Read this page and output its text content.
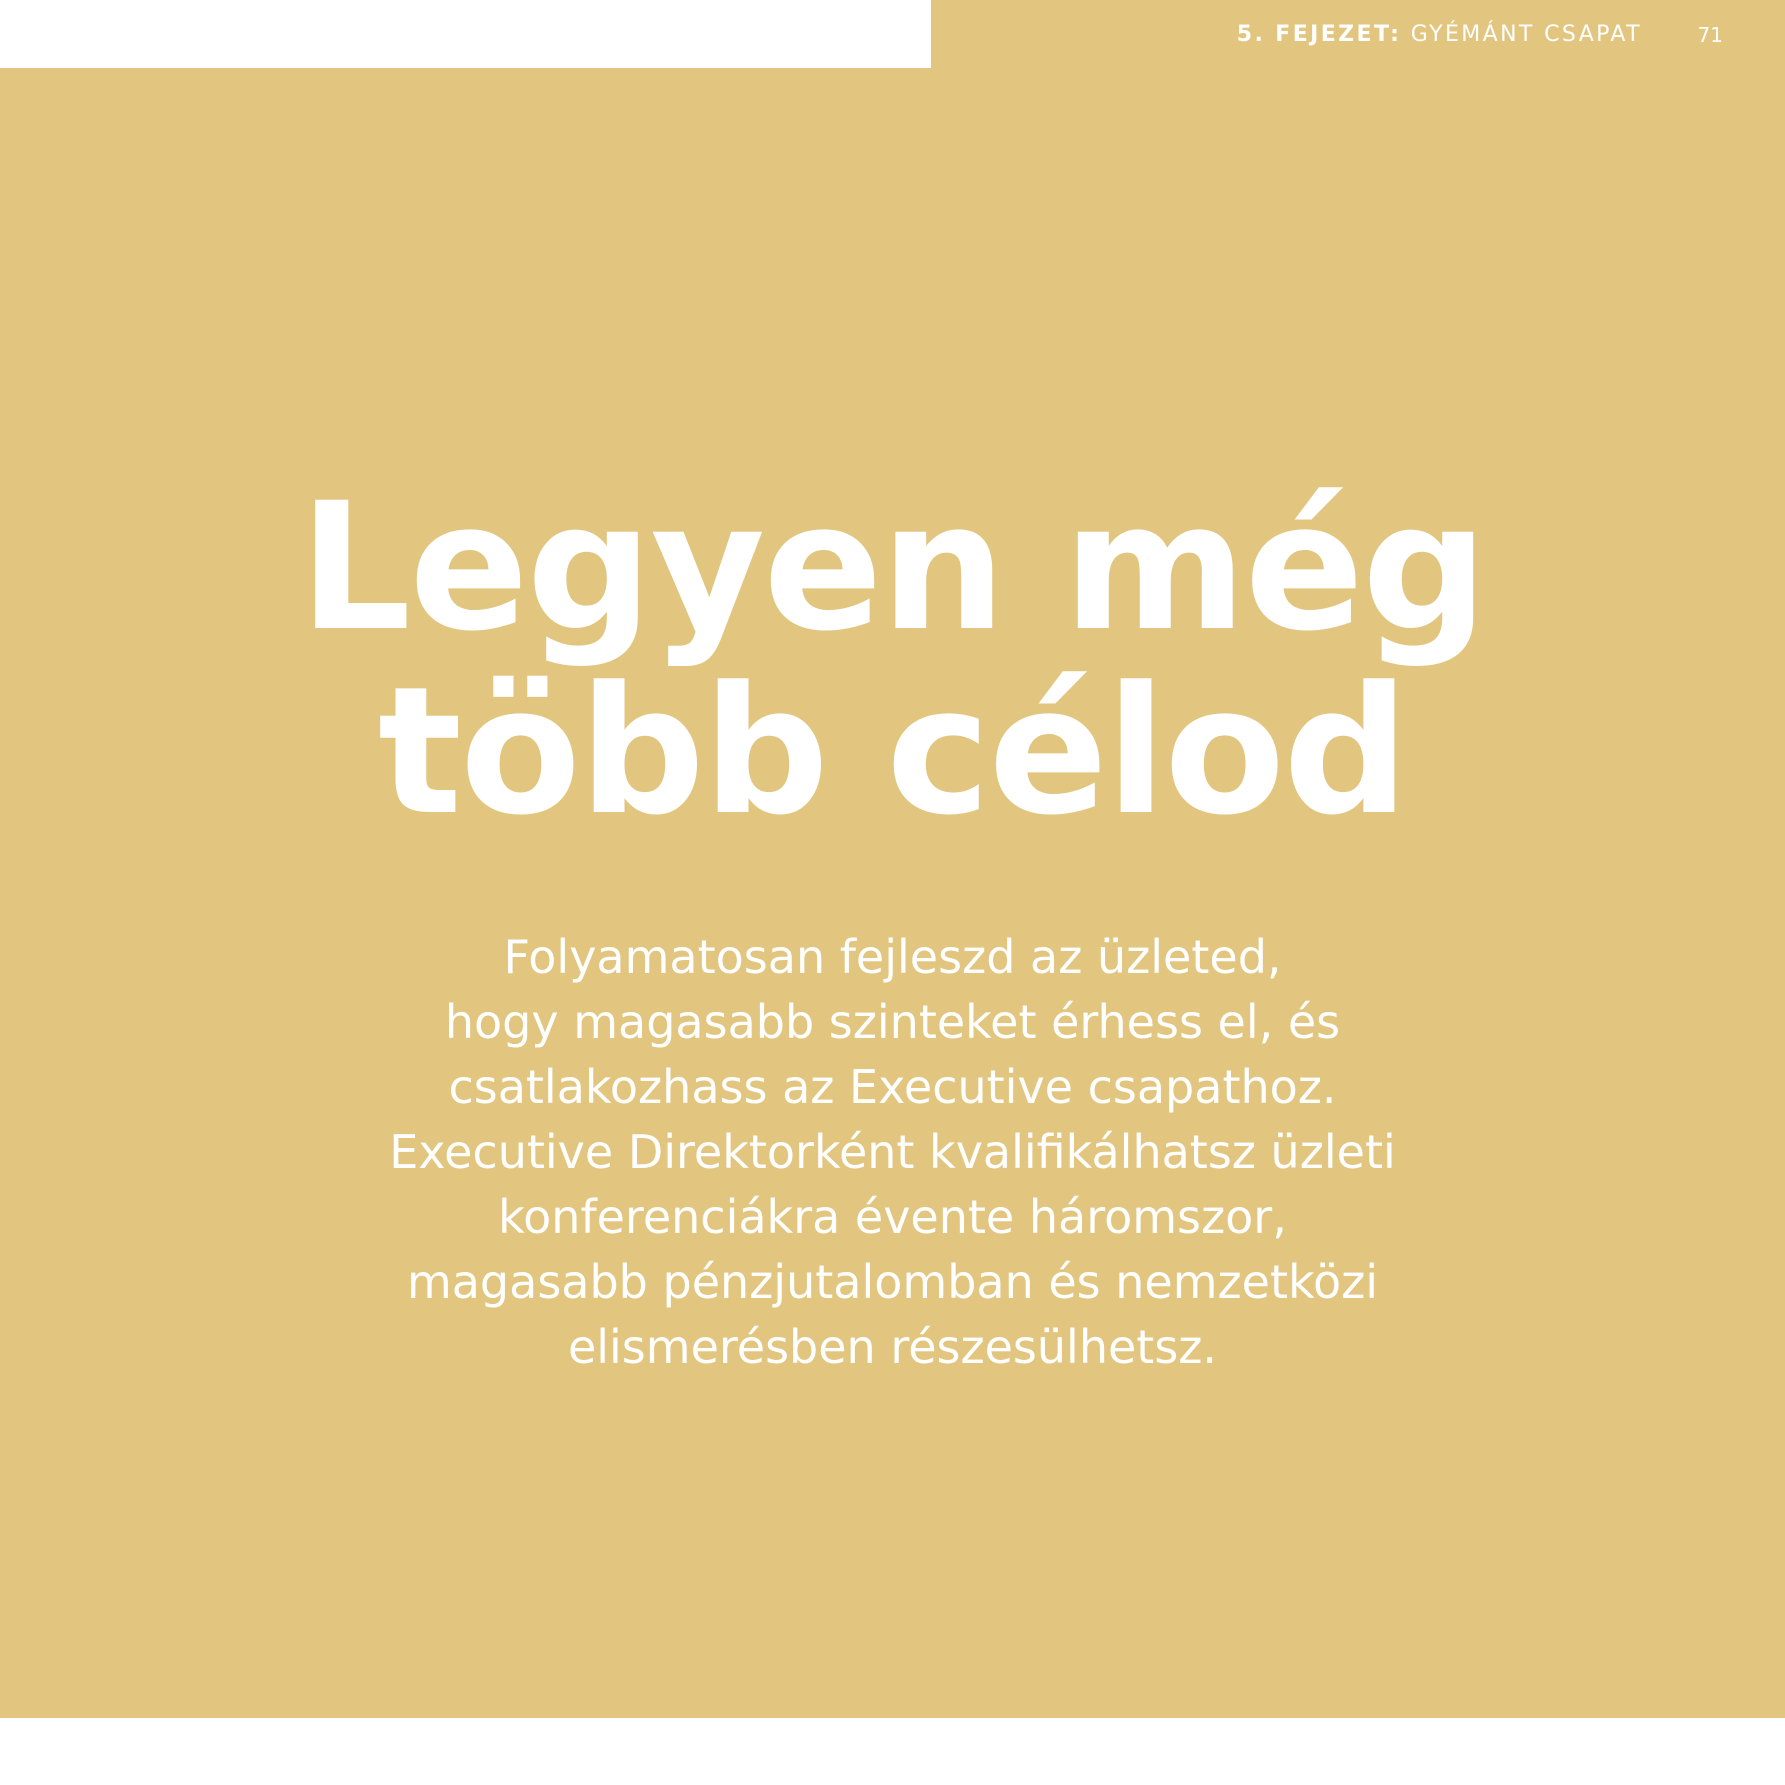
5. FEJEZET: GYÉMÁNT CSAPAT	71
Legyen még
több célod
Folyamatosan fejleszd az üzleted,
hogy magasabb szinteket érhess el, és
csatlakozhass az Executive csapathoz.
Executive Direktorként kvalifikálhatsz üzleti
konferenciákra évente háromszor,
magasabb pénzjutalomban és nemzetközi
elismerésben részesülhetsz.
